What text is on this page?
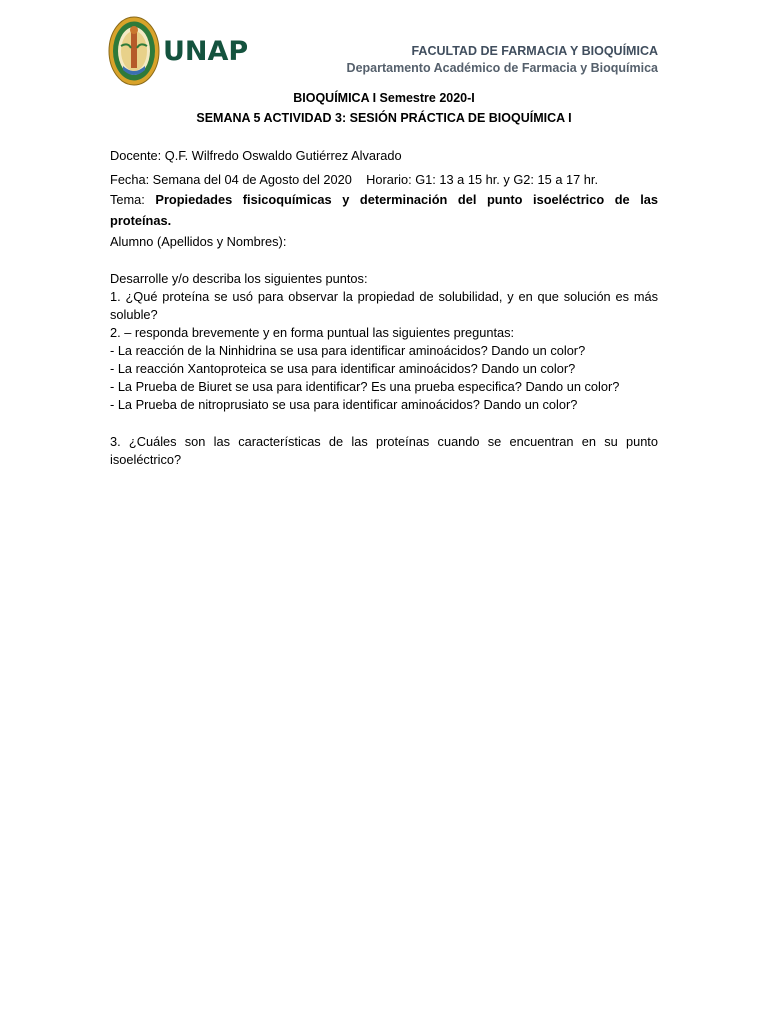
UNAP	FACULTAD DE FARMACIA Y BIOQUÍMICA
Departamento Académico de Farmacia y Bioquímica
BIOQUÍMICA I Semestre 2020-I
SEMANA 5 ACTIVIDAD 3: SESIÓN PRÁCTICA DE BIOQUÍMICA I

Docente: Q.F. Wilfredo Oswaldo Gutiérrez Alvarado

Fecha: Semana del 04 de Agosto del 2020    Horario: G1: 13 a 15 hr. y G2: 15 a 17 hr.

Tema: Propiedades fisicoquímicas y determinación del punto isoeléctrico de las proteínas.

Alumno (Apellidos y Nombres):

Desarrolle y/o describa los siguientes puntos:

1. ¿Qué proteína se usó para observar la propiedad de solubilidad, y en que solución es más soluble?

2. – responda brevemente y en forma puntual las siguientes preguntas:

- La reacción de la Ninhidrina se usa para identificar aminoácidos? Dando un color?

- La reacción Xantoproteica se usa para identificar aminoácidos? Dando un color?

- La Prueba de Biuret se usa para identificar? Es una prueba especifica? Dando un color?

- La Prueba de nitroprusiato se usa para identificar aminoácidos? Dando un color?

3. ¿Cuáles son las características de las proteínas cuando se encuentran en su punto isoeléctrico?
